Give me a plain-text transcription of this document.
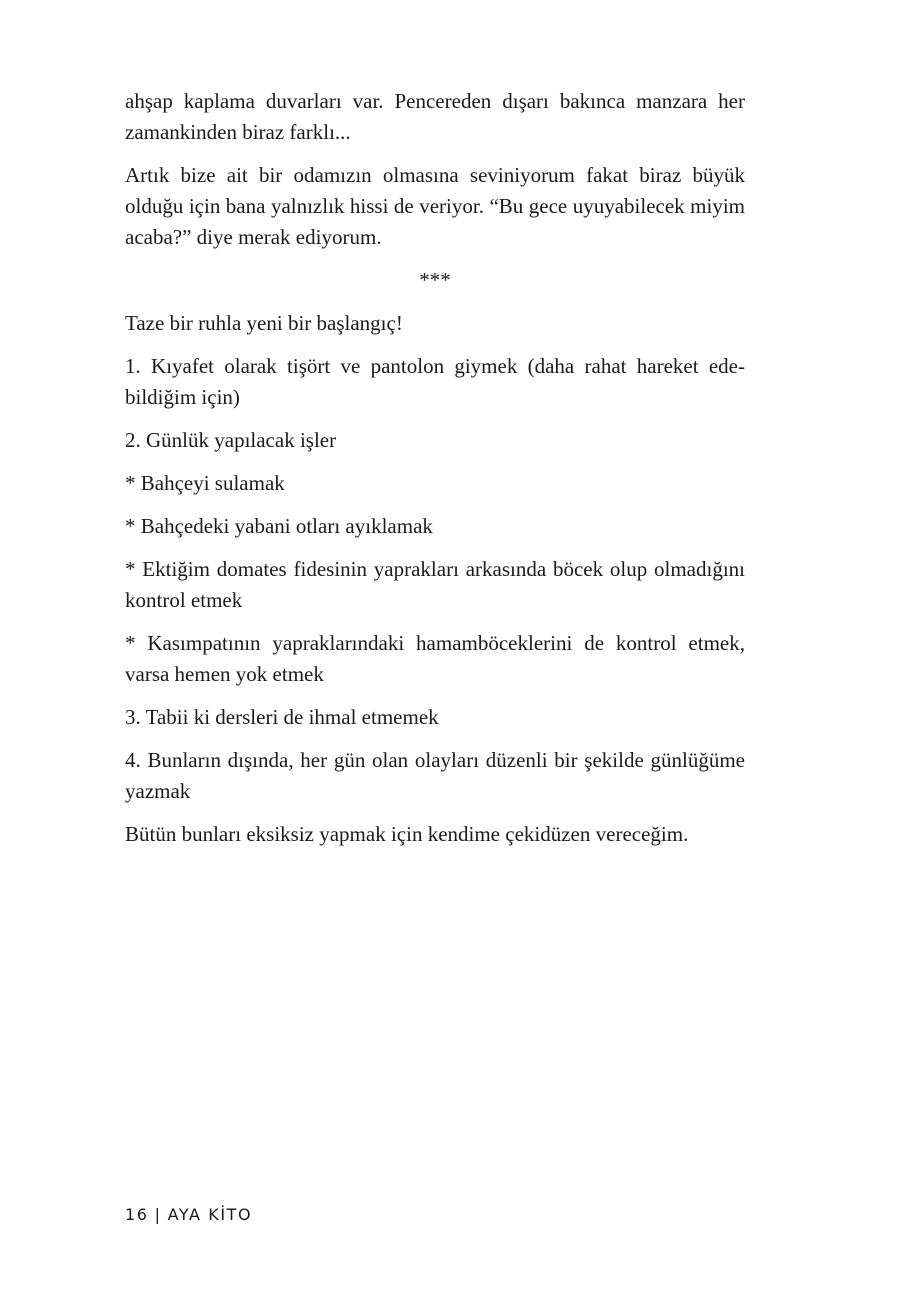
ahşap kaplama duvarları var. Pencereden dışarı bakınca manzara her zamankinden biraz farklı...

Artık bize ait bir odamızın olmasına seviniyorum fakat biraz büyük olduğu için bana yalnızlık hissi de veriyor. “Bu gece uyuyabilecek miyim acaba?” diye merak ediyorum.

***

Taze bir ruhla yeni bir başlangıç!

1. Kıyafet olarak tişört ve pantolon giymek (daha rahat hareket edebildiğim için)

2. Günlük yapılacak işler

* Bahçeyi sulamak

* Bahçedeki yabani otları ayıklamak

* Ektiğim domates fidesinin yaprakları arkasında böcek olup olmadığını kontrol etmek

* Kasımpatının yapraklarındaki hamamböceklerini de kontrol etmek, varsa hemen yok etmek

3. Tabii ki dersleri de ihmal etmemek

4. Bunların dışında, her gün olan olayları düzenli bir şekilde günlüğüme yazmak

Bütün bunları eksiksiz yapmak için kendime çekidüzen vereceğim.

16 | AYA KİTO
